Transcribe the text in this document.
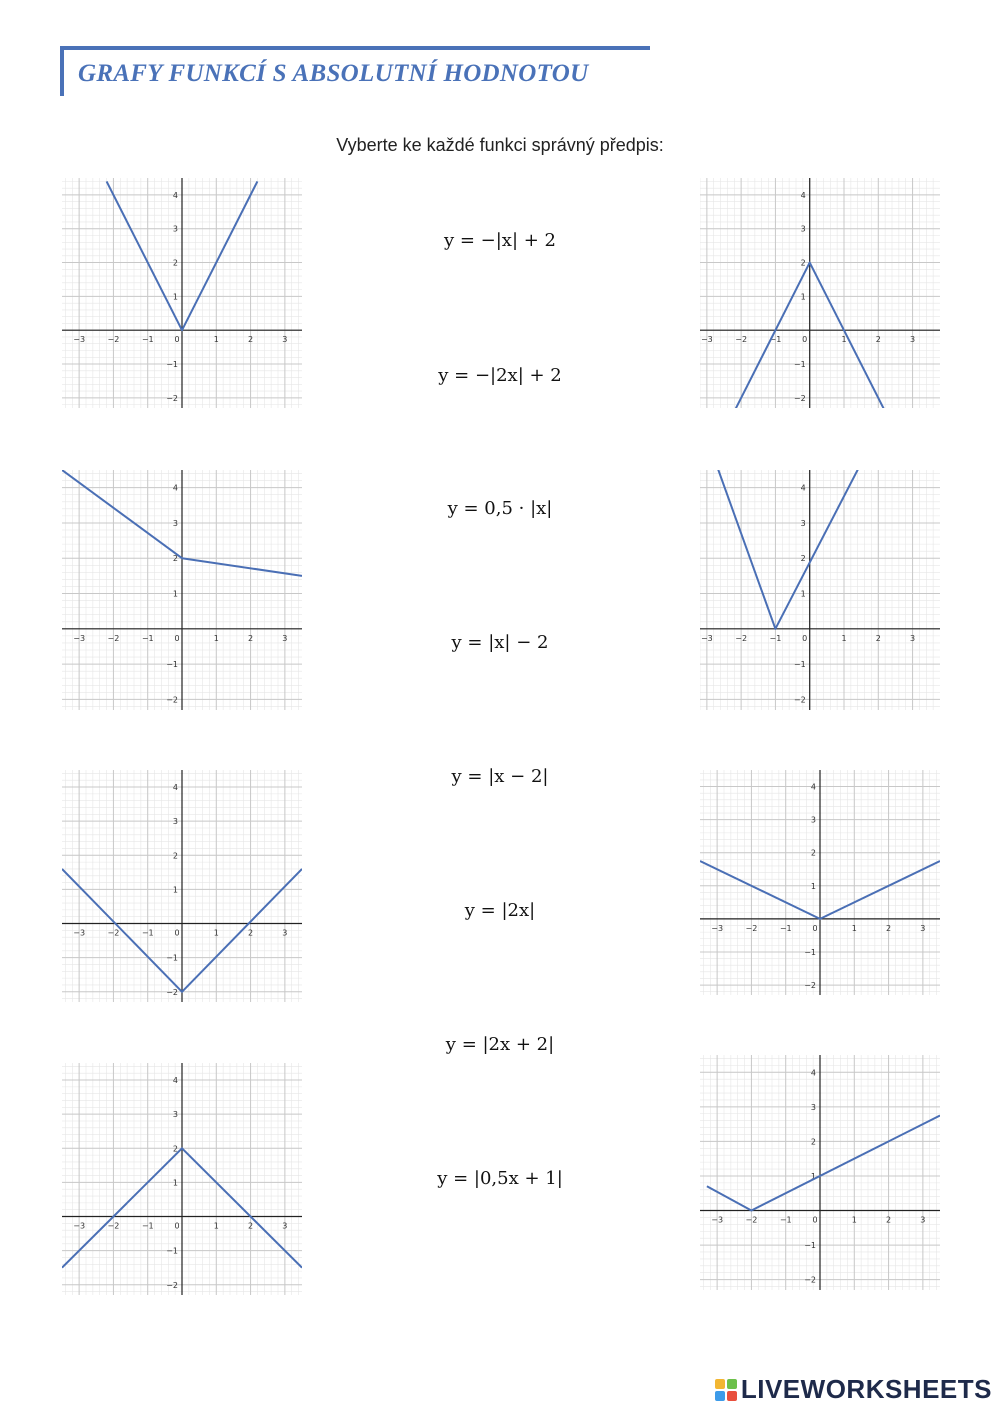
GRAFY FUNKCÍ S ABSOLUTNÍ HODNOTOU
Vyberte ke každé funkci správný předpis:
−3	−2	−1	0	1	2	3
−2
−1
1
2
3
4
−3	−2	−1	0	1	2	3
−2
−1
1
2
3
4
−3	−2	−1	0	1	2	3
−2
−1
1
2
3
4
−3	−2	−1	0	1	2	3
−2
−1
1
2
3
4
−3	−2	−1	0	1	2	3
−2
−1
1
2
3
4
−3	−2	−1	0	1	2	3
−2
−1
1
2
3
4
−3	−2	−1	0	1	2	3
−2
−1
1
2
3
4
−3	−2	−1	0	1	2	3
−2
−1
1
2
3
4
y = −|x| + 2
y = −|2x| + 2
y = 0,5 · |x|
y = |x| − 2
y = |x − 2|
y = |2x|
y = |2x + 2|
y = |0,5x + 1|
LIVEWORKSHEETS
